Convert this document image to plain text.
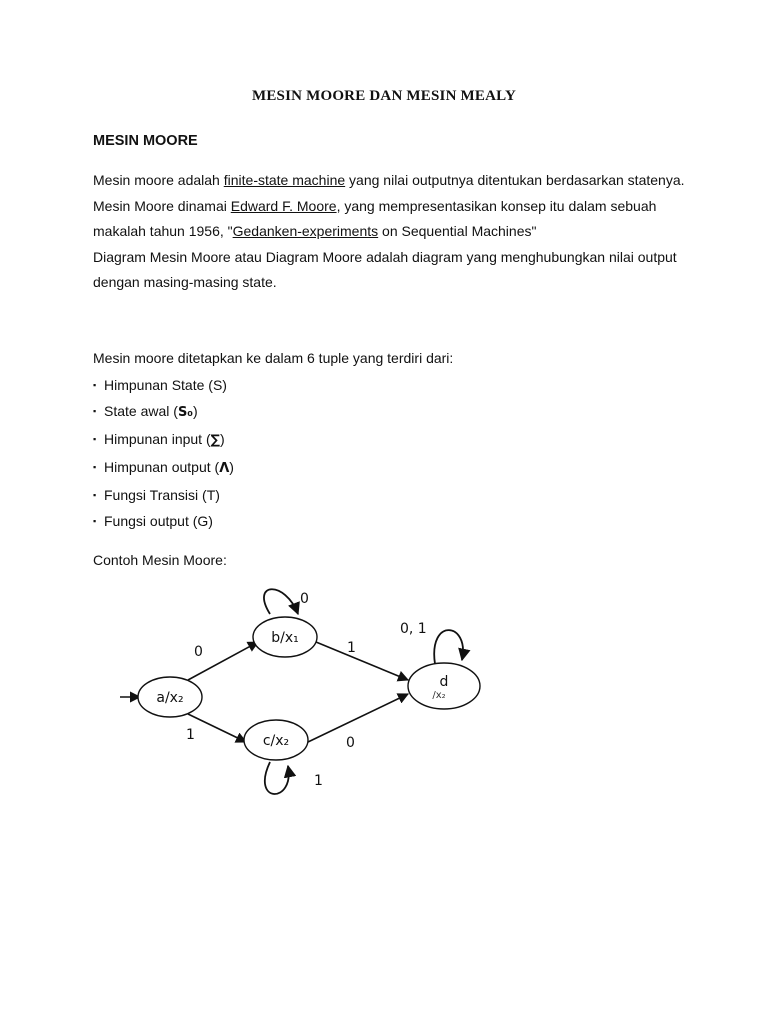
MESIN MOORE DAN MESIN MEALY
MESIN MOORE

Mesin moore adalah finite-state machine yang nilai outputnya ditentukan berdasarkan statenya.

Mesin Moore dinamai Edward F. Moore, yang mempresentasikan konsep itu dalam sebuah makalah tahun 1956, "Gedanken-experiments on Sequential Machines"

Diagram Mesin Moore atau Diagram Moore adalah diagram yang menghubungkan nilai output dengan masing-masing state.

Mesin moore ditetapkan ke dalam 6 tuple yang terdiri dari:

▪ Himpunan State (S)
▪ State awal (S₀)
▪ Himpunan input (∑)
▪ Himpunan output (Λ)
▪ Fungsi Transisi (T)
▪ Fungsi output (G)
Contoh Mesin Moore:
a/x₂
b/x₁
c/x₂
d
/x₂
0
1
1
0
0
1
0, 1
